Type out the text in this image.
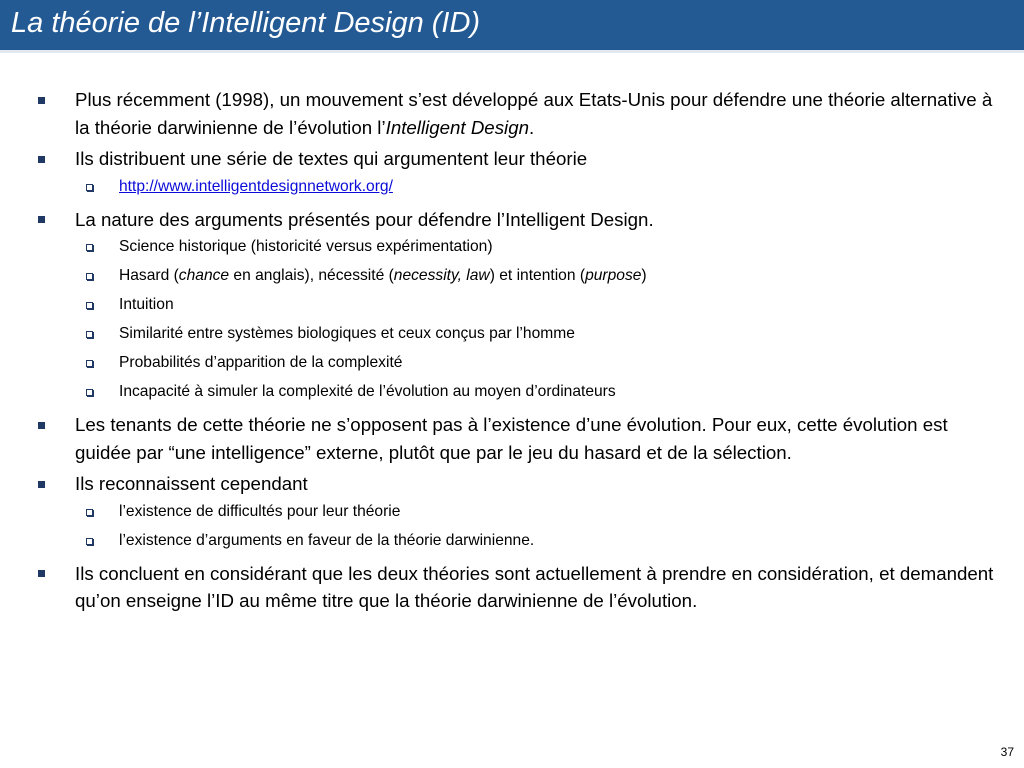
La théorie de l’Intelligent Design (ID)
Plus récemment (1998), un mouvement s’est développé aux Etats-Unis pour défendre une théorie alternative à la théorie darwinienne de l’évolution l’Intelligent Design.
Ils distribuent une série de textes qui argumentent leur théorie
http://www.intelligentdesignnetwork.org/
La nature des arguments présentés pour défendre l’Intelligent Design.
Science historique (historicité versus expérimentation)
Hasard (chance en anglais), nécessité (necessity, law) et intention (purpose)
Intuition
Similarité entre systèmes biologiques et ceux conçus par l’homme
Probabilités d’apparition de la complexité
Incapacité à simuler la complexité de l’évolution au moyen d’ordinateurs
Les tenants de cette théorie ne s’opposent pas à l’existence d’une évolution. Pour eux, cette évolution est guidée par “une intelligence” externe, plutôt que par le jeu du hasard et de la sélection.
Ils reconnaissent cependant
l’existence de difficultés pour leur théorie
l’existence d’arguments en faveur de la théorie darwinienne.
Ils concluent en considérant que les deux théories sont actuellement à prendre en considération, et demandent qu’on enseigne l’ID au même titre que la théorie darwinienne de l’évolution.
37
